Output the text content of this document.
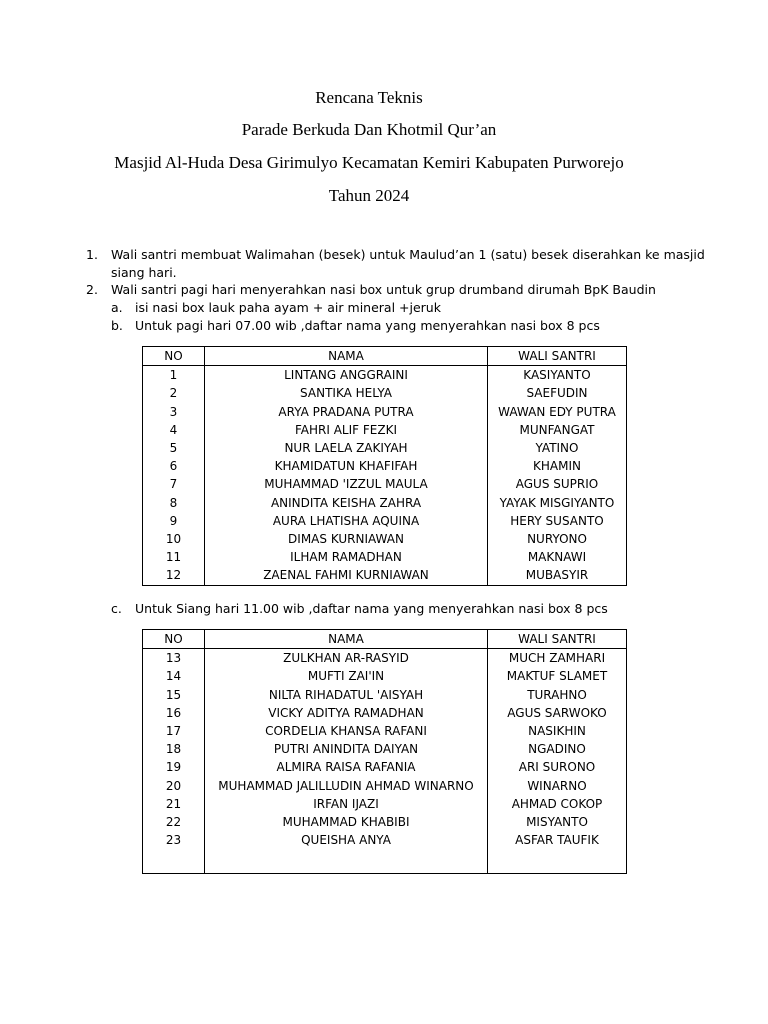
Rencana Teknis
Parade Berkuda Dan Khotmil Qur’an
Masjid Al-Huda Desa Girimulyo Kecamatan Kemiri Kabupaten Purworejo
Tahun 2024
1. Wali santri membuat Walimahan (besek) untuk Maulud’an 1 (satu) besek diserahkan ke masjid
siang hari.
2. Wali santri pagi hari menyerahkan nasi box untuk grup drumband dirumah BpK Baudin
a. isi nasi box lauk paha ayam + air mineral +jeruk
b. Untuk pagi hari 07.00 wib ,daftar nama yang menyerahkan nasi box 8 pcs
NO	NAMA	WALI SANTRI
1	LINTANG ANGGRAINI	KASIYANTO
2	SANTIKA HELYA	SAEFUDIN
3	ARYA PRADANA PUTRA	WAWAN EDY PUTRA
4	FAHRI ALIF FEZKI	MUNFANGAT
5	NUR LAELA ZAKIYAH	YATINO
6	KHAMIDATUN KHAFIFAH	KHAMIN
7	MUHAMMAD 'IZZUL MAULA	AGUS SUPRIO
8	ANINDITA KEISHA ZAHRA	YAYAK MISGIYANTO
9	AURA LHATISHA AQUINA	HERY SUSANTO
10	DIMAS KURNIAWAN	NURYONO
11	ILHAM RAMADHAN	MAKNAWI
12	ZAENAL FAHMI KURNIAWAN	MUBASYIR
c. Untuk Siang hari 11.00 wib ,daftar nama yang menyerahkan nasi box 8 pcs
NO	NAMA	WALI SANTRI
13	ZULKHAN AR-RASYID	MUCH ZAMHARI
14	MUFTI ZAI'IN	MAKTUF SLAMET
15	NILTA RIHADATUL 'AISYAH	TURAHNO
16	VICKY ADITYA RAMADHAN	AGUS SARWOKO
17	CORDELIA KHANSA RAFANI	NASIKHIN
18	PUTRI ANINDITA DAIYAN	NGADINO
19	ALMIRA RAISA RAFANIA	ARI SURONO
20	MUHAMMAD JALILLUDIN AHMAD WINARNO	WINARNO
21	IRFAN IJAZI	AHMAD COKOP
22	MUHAMMAD KHABIBI	MISYANTO
23	QUEISHA ANYA	ASFAR TAUFIK
